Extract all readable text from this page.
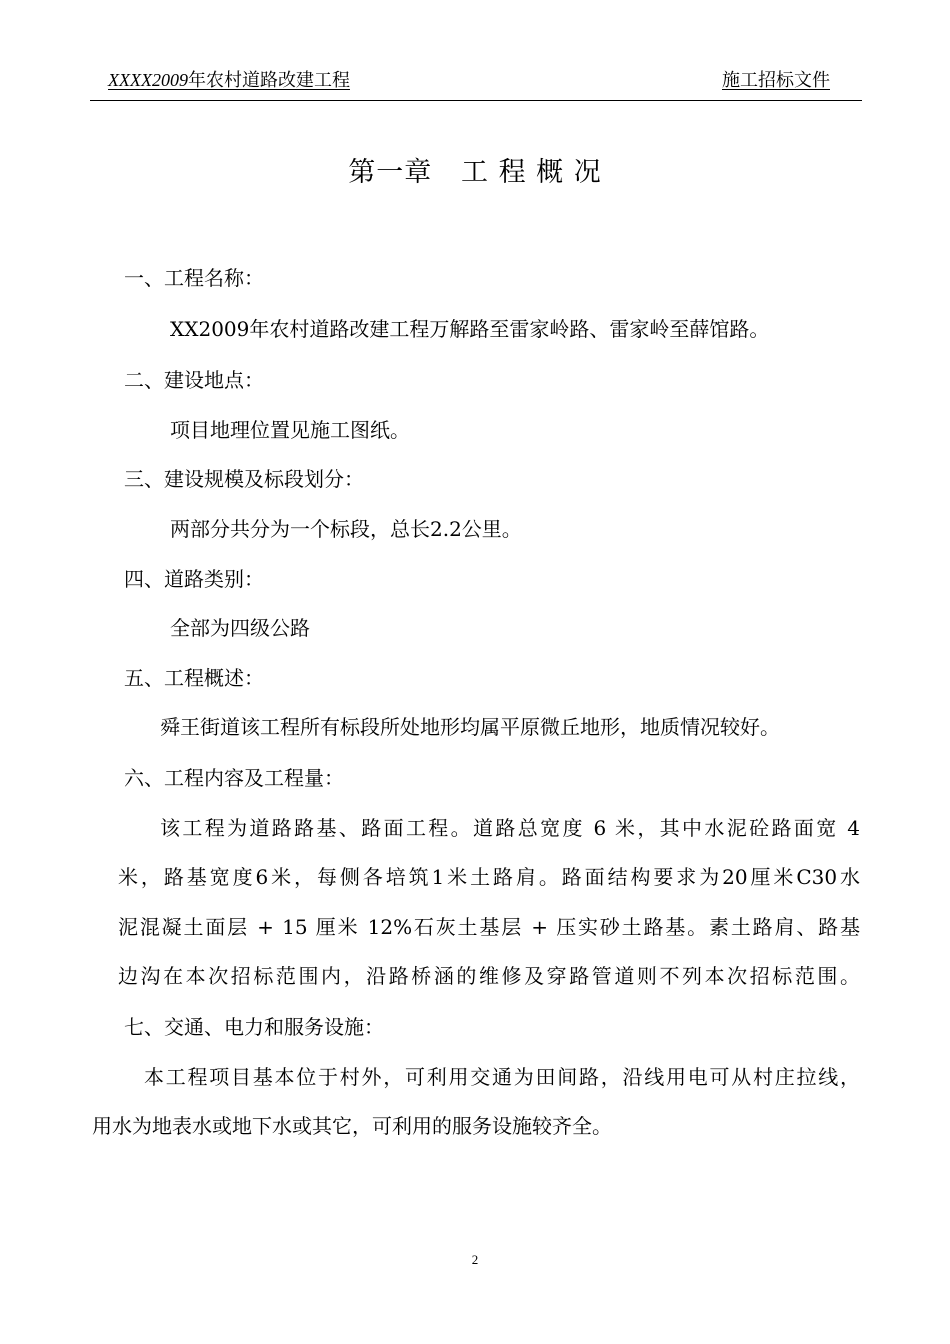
XXXX2009年农村道路改建工程	施工招标文件
第一章   工 程 概 况
一、工程名称：
XX2009年农村道路改建工程万解路至雷家岭路、雷家岭至薛馆路。
二、建设地点：
项目地理位置见施工图纸。
三、建设规模及标段划分：
两部分共分为一个标段，总长2.2公里。
四、道路类别：
全部为四级公路
五、工程概述：
舜王街道该工程所有标段所处地形均属平原微丘地形，地质情况较好。
六、工程内容及工程量：
该工程为道路路基、路面工程。道路总宽度 6 米，其中水泥砼路面宽 4
米，路基宽度6米，每侧各培筑1米土路肩。路面结构要求为20厘米C30水
泥混凝土面层 + 15 厘米 12%石灰土基层 + 压实砂土路基。素土路肩、路基
边沟在本次招标范围内，沿路桥涵的维修及穿路管道则不列本次招标范围。
七、交通、电力和服务设施：
本工程项目基本位于村外，可利用交通为田间路，沿线用电可从村庄拉线，
用水为地表水或地下水或其它，可利用的服务设施较齐全。
2
